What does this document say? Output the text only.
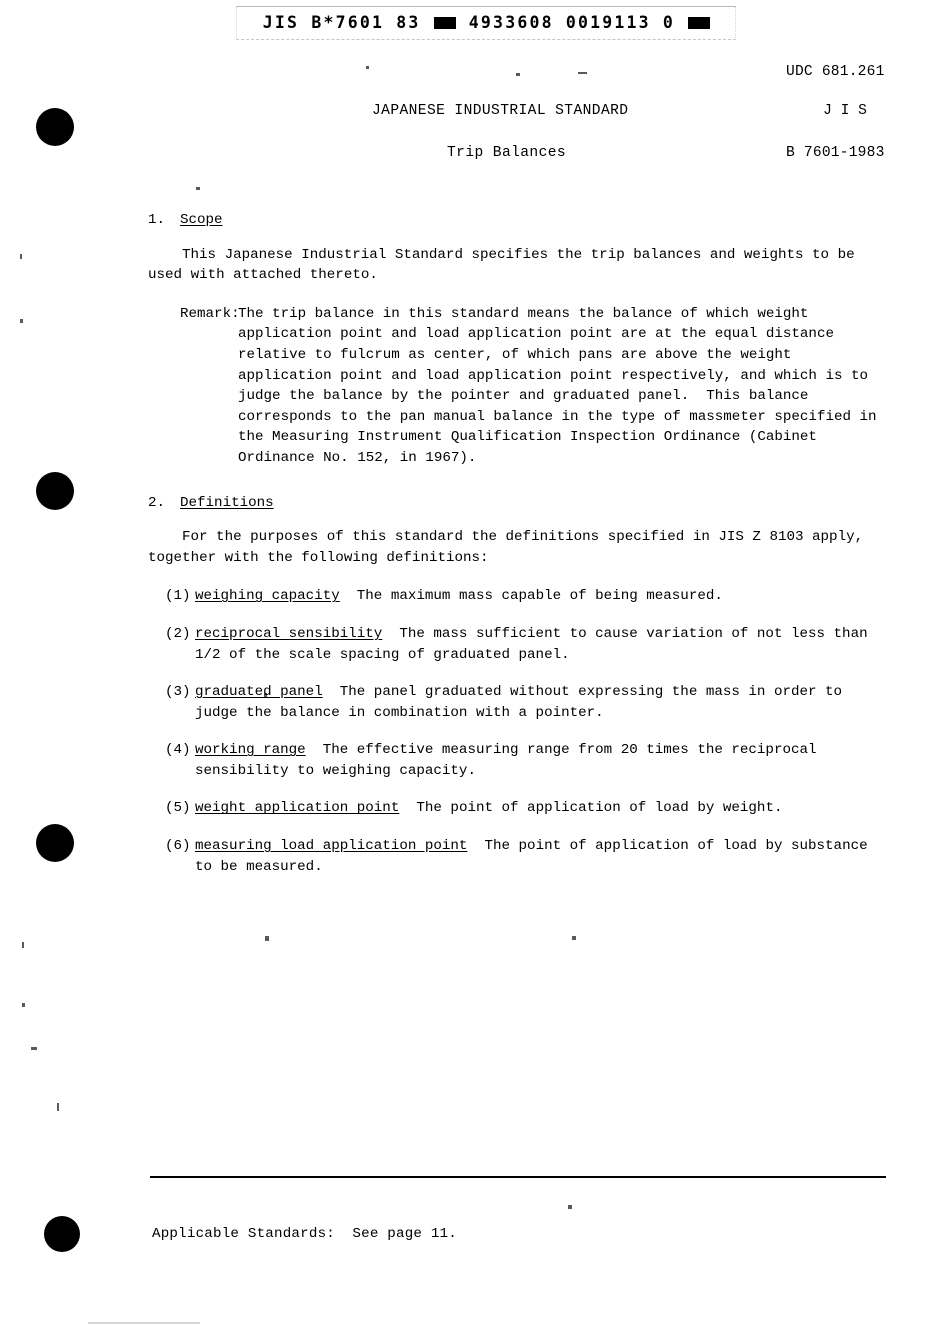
JIS B*7601 83  4933608 0019113 0
UDC 681.261
JAPANESE INDUSTRIAL STANDARD	J I S
Trip Balances	B 7601-1983
1. Scope

This Japanese Industrial Standard specifies the trip balances and weights to be used with attached thereto.

Remark:
The trip balance in this standard means the balance of which weight application point and load application point are at the equal distance relative to fulcrum as center, of which pans are above the weight application point and load application point respectively, and which is to judge the balance by the pointer and graduated panel.  This balance corresponds to the pan manual balance in the type of massmeter specified in the Measuring Instrument Qualification Inspection Ordinance (Cabinet Ordinance No. 152, in 1967).
2. Definitions

For the purposes of this standard the definitions specified in JIS Z 8103 apply, together with the following definitions:

(1) weighing capacity  The maximum mass capable of being measured.
(2) reciprocal sensibility  The mass sufficient to cause variation of not less than 1/2 of the scale spacing of graduated panel.
(3) graduated panel  The panel graduated without expressing the mass in order to judge the balance in combination with a pointer.
(4) working range  The effective measuring range from 20 times the reciprocal sensibility to weighing capacity.
(5) weight application point  The point of application of load by weight.
(6) measuring load application point  The point of application of load by substance to be measured.
Applicable Standards:  See page 11.
